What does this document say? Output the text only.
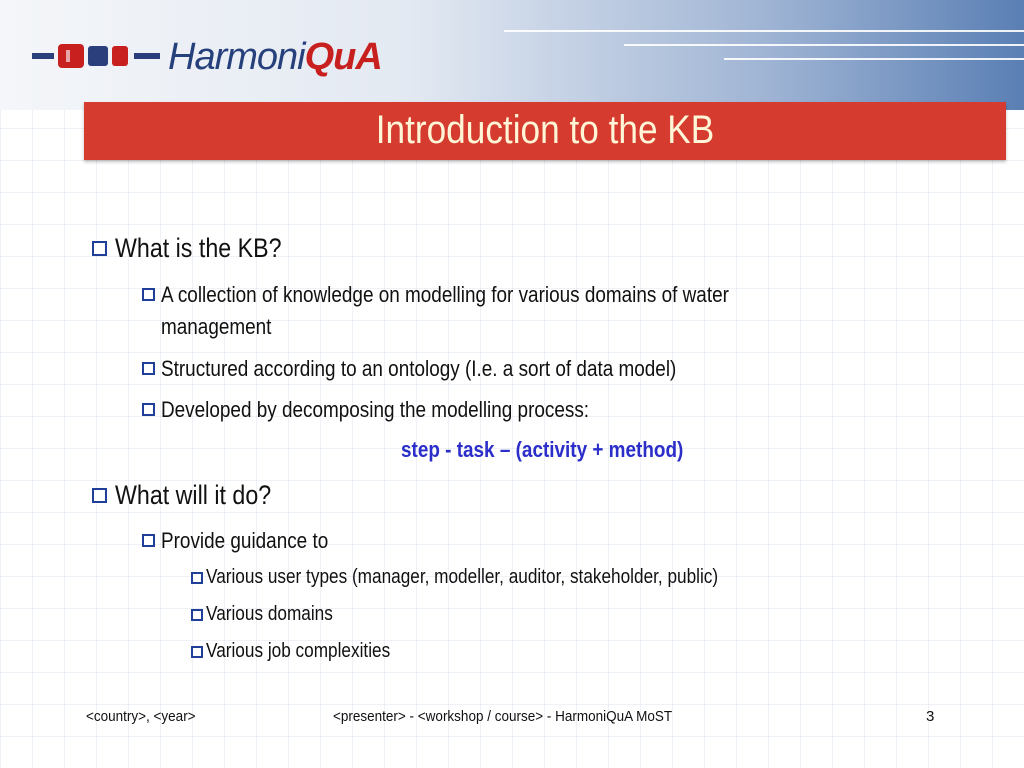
HarmoniQuA
Introduction to the KB
What is the KB?
A collection of knowledge on modelling for various domains of water management
Structured according to an ontology (I.e. a sort of data model)
Developed by decomposing the modelling process:
step - task – (activity + method)
What will it do?
Provide guidance to
Various user types (manager, modeller, auditor, stakeholder, public)
Various domains
Various job complexities
<country>, <year>	<presenter> - <workshop / course> - HarmoniQuA MoST	3
